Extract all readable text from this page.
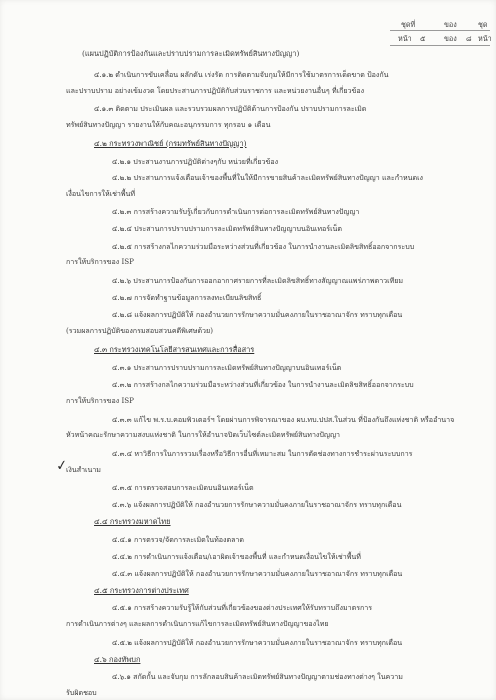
ชุดที่	ของ	ชุด
หน้า ๕	ของ ๘ หน้า
(แผนปฏิบัติการป้องกันและปราบปรามการละเมิดทรัพย์สินทางปัญญา)
๔.๑.๒ ดำเนินการขับเคลื่อน ผลักดัน เร่งรัด การติดตามจับกุมให้มีการใช้มาตรการเด็ดขาด ป้องกัน
และปราบปราม อย่างเข้มงวด โดยประสานการปฏิบัติกับส่วนราชการ และหน่วยงานอื่นๆ ที่เกี่ยวข้อง
๔.๑.๓ ติดตาม ประเมินผล และรวบรวมผลการปฏิบัติด้านการป้องกัน ปราบปรามการละเมิด
ทรัพย์สินทางปัญญา รายงานให้กับคณะอนุกรรมการ ทุกรอบ ๑ เดือน
๔.๒ กระทรวงพาณิชย์ (กรมทรัพย์สินทางปัญญา)
๔.๒.๑ ประสานงานการปฏิบัติต่างๆกับ หน่วยที่เกี่ยวข้อง
๔.๒.๒ ประสานการแจ้งเตือนเจ้าของพื้นที่ในให้มีการขายสินค้าละเมิดทรัพย์สินทางปัญญา และกำหนดเง
เงื่อนไขการให้เช่าพื้นที่
๔.๒.๓ การสร้างความรับรู้เกี่ยวกับการดำเนินการต่อการละเมิดทรัพย์สินทางปัญญา
๔.๒.๔ ประสานการปราบปรามการละเมิดทรัพย์สินทางปัญญาบนอินเทอร์เน็ต
๔.๒.๕ การสร้างกลไกความร่วมมือระหว่างส่วนที่เกี่ยวข้อง ในการนำงานละเมิดลิขสิทธิ์ออกจากระบบ
การให้บริการของ ISP
๔.๒.๖ ประสานการป้องกันการออกอากาศรายการที่ละเมิดลิขสิทธิ์ทางสัญญาณแพร่ภาพดาวเทียม
๔.๒.๗ การจัดทำฐานข้อมูลการลงทะเบียนลิขสิทธิ์
๔.๒.๘ แจ้งผลการปฏิบัติให้ กองอำนวยการรักษาความมั่นคงภายในราชอาณาจักร ทราบทุกเดือน
(รวมผลการปฏิบัติของกรมสอบสวนคดีพิเศษด้วย)
๔.๓ กระทรวงเทคโนโลยีสารสนเทศและการสื่อสาร
๔.๓.๑ ประสานการปราบปรามการละเมิดทรัพย์สินทางปัญญาบนอินเทอร์เน็ต
๔.๓.๒ การสร้างกลไกความร่วมมือระหว่างส่วนที่เกี่ยวข้อง ในการนำงานละเมิดลิขสิทธิ์ออกจากระบบ
การให้บริการของ ISP
๔.๓.๓ แก้ไข พ.ร.บ.คอมพิวเตอร์ฯ โดยผ่านการพิจารณาของ ผบ.ทบ.ปปส.ในส่วน ที่ป้องกันถึงแห่งชาติ หรืออำนาจ
หัวหน้าคณะรักษาความสงบแห่งชาติ ในการให้อำนาจปิดเว็บไซต์ละเมิดทรัพย์สินทางปัญญา
๔.๓.๔ หาวิธีการในการรวมเรื่องหรือวิธีการอื่นที่เหมาะสม ในการตัดช่องทางการชำระผ่านระบบการ
เงินสำเนาม
๔.๓.๕ การตรวจสอบการละเมิดบนอินเทอร์เน็ต
๔.๓.๖ แจ้งผลการปฏิบัติให้ กองอำนวยการรักษาความมั่นคงภายในราชอาณาจักร ทราบทุกเดือน
๔.๔ กระทรวงมหาดไทย
๔.๔.๑ การตรวจ/จัดการละเมิดในท้องตลาด
๔.๔.๒ การดำเนินการแจ้งเตือน/เอาผิดเจ้าของพื้นที่ และกำหนดเงื่อนไขให้เช่าพื้นที่
๔.๔.๓ แจ้งผลการปฏิบัติให้ กองอำนวยการรักษาความมั่นคงภายในราชอาณาจักร ทราบทุกเดือน
๔.๕ กระทรวงการต่างประเทศ
๔.๕.๑ การสร้างความรับรู้ให้กับส่วนที่เกี่ยวข้องของต่างประเทศให้รับทราบถึงมาตรการ
การดำเนินการต่างๆ และผลการดำเนินการแก้ไขการละเมิดทรัพย์สินทางปัญญาของไทย
๔.๕.๒ แจ้งผลการปฏิบัติให้ กองอำนวยการรักษาความมั่นคงภายในราชอาณาจักร ทราบทุกเดือน
๔.๖ กองทัพบก
๔.๖.๑ สกัดกั้น และจับกุม การลักลอบสินค้าละเมิดทรัพย์สินทางปัญญาตามช่องทางต่างๆ ในความ
รับผิดชอบ
✓
